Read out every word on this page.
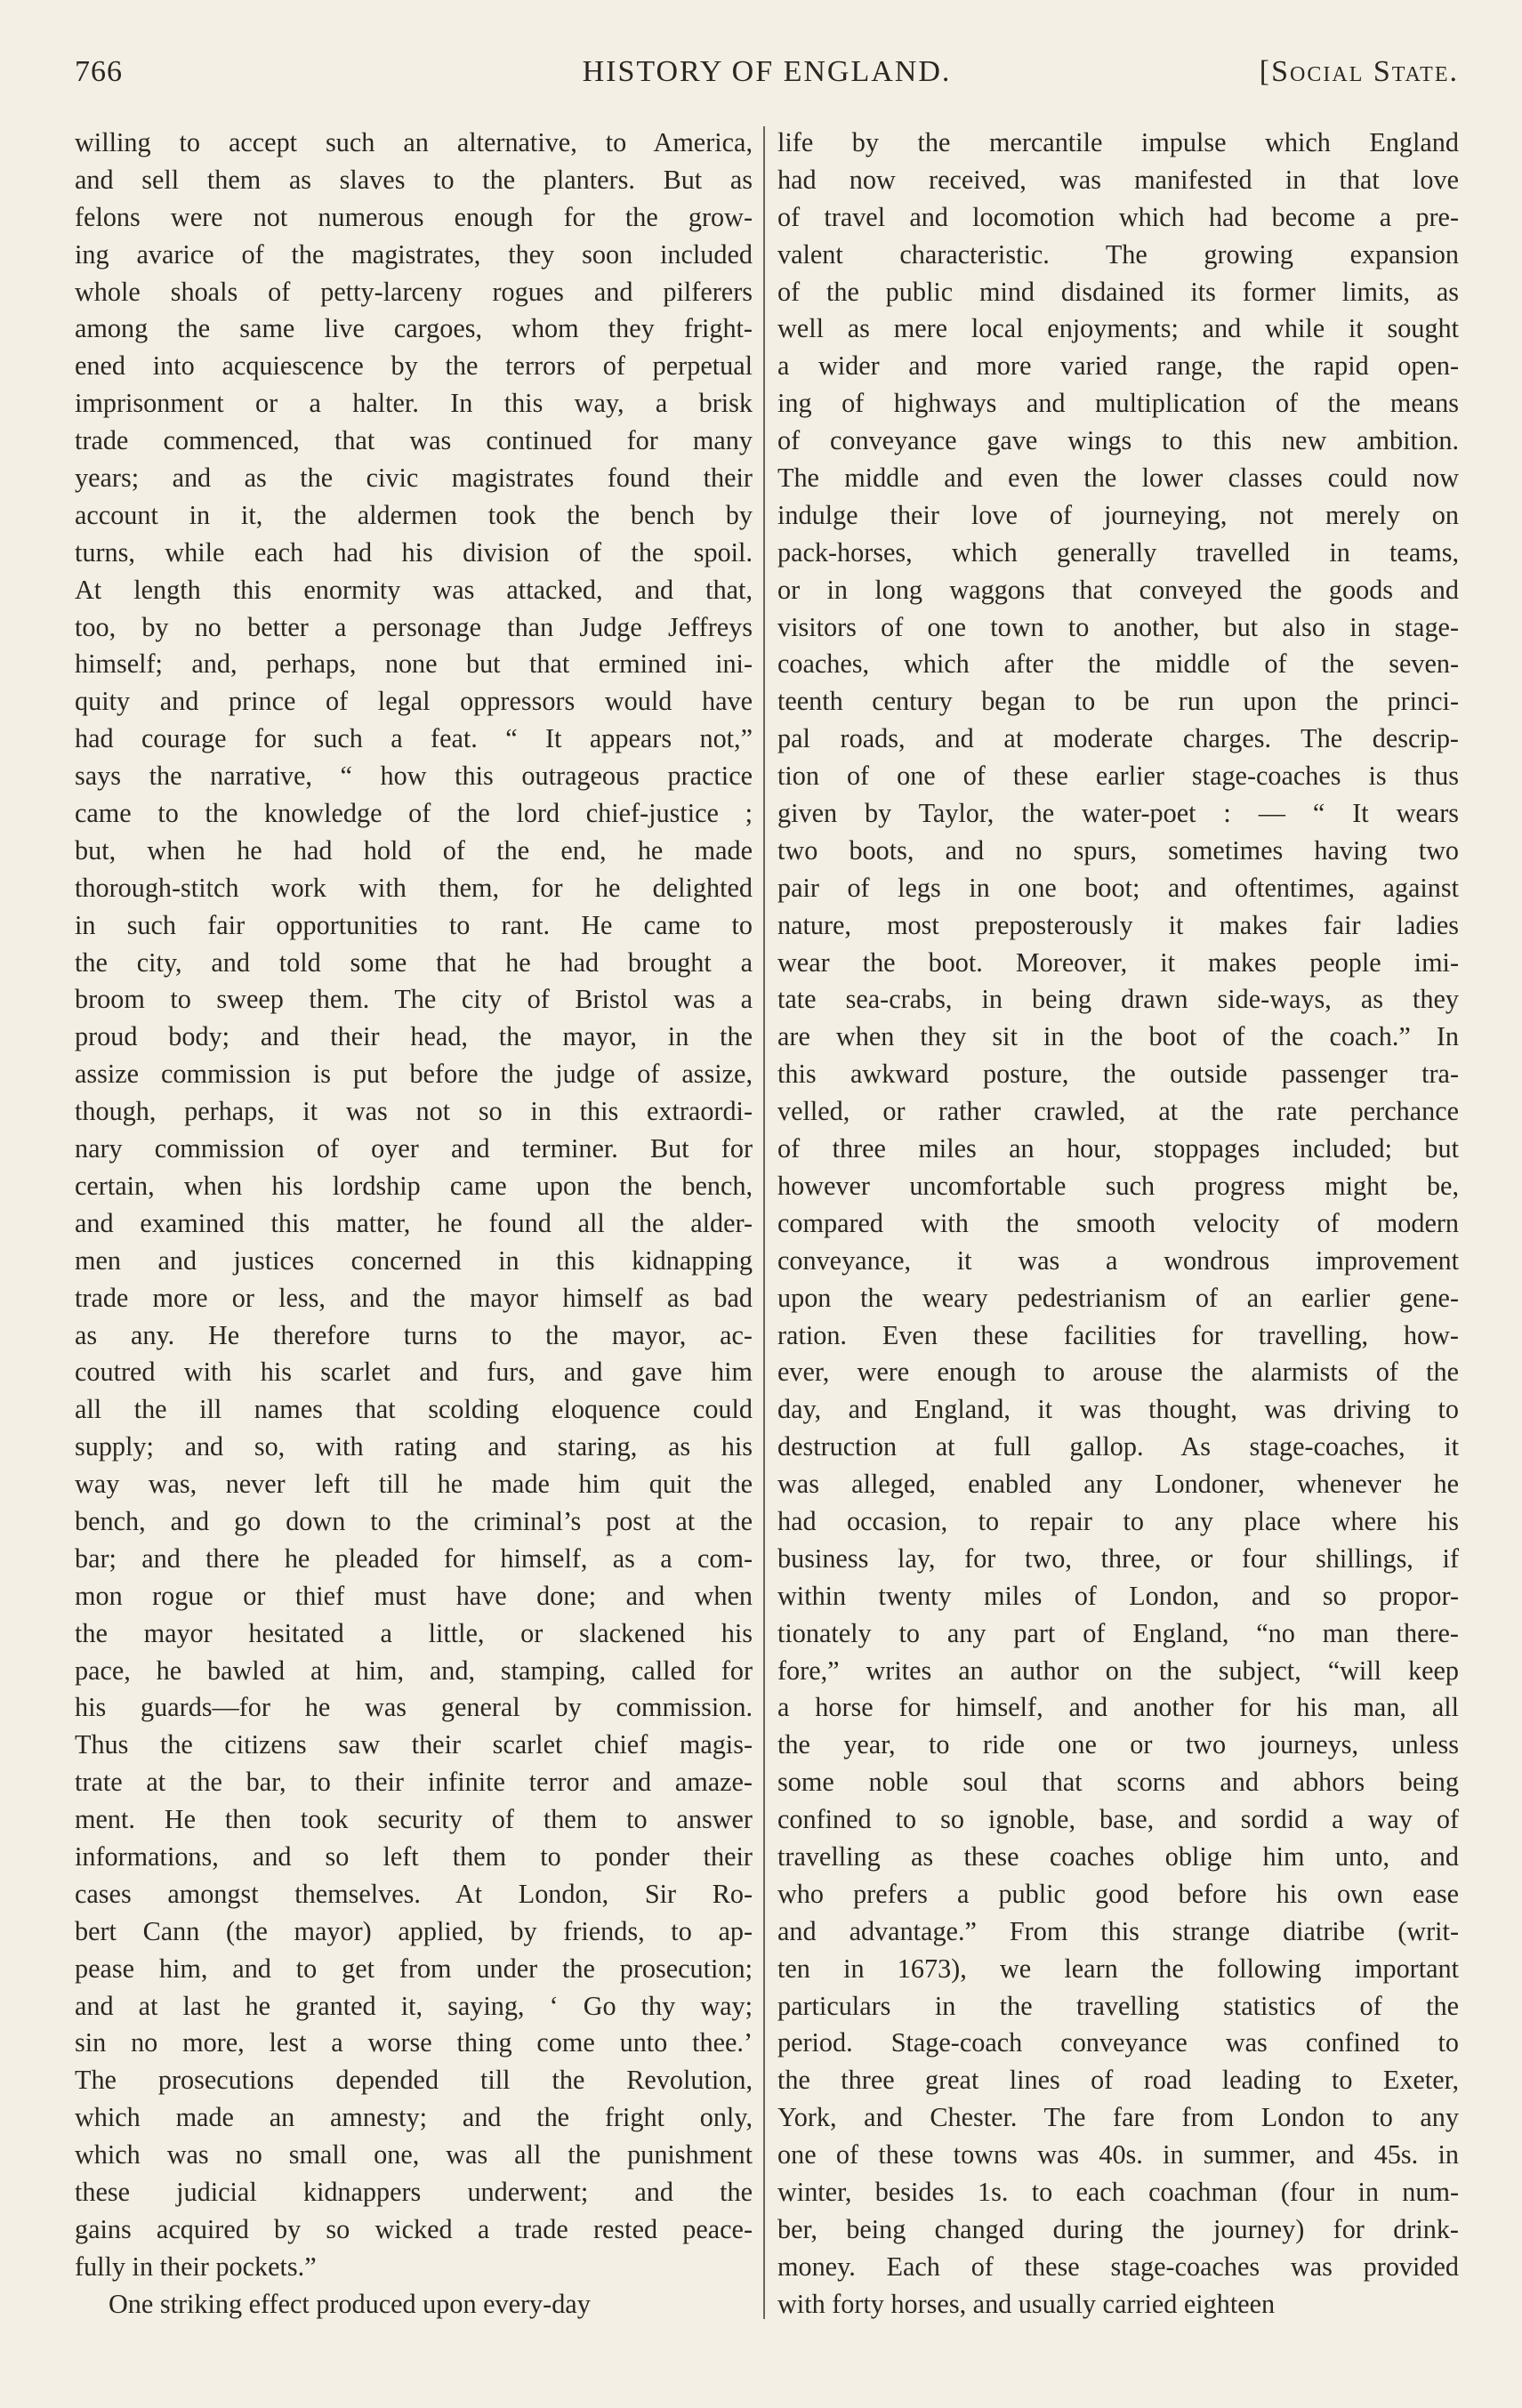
766	HISTORY OF ENGLAND.	[Social State.
willing to accept such an alternative, to America,
and sell them as slaves to the planters. But as
felons were not numerous enough for the grow-
ing avarice of the magistrates, they soon included
whole shoals of petty-larceny rogues and pilferers
among the same live cargoes, whom they fright-
ened into acquiescence by the terrors of perpetual
imprisonment or a halter. In this way, a brisk
trade commenced, that was continued for many
years; and as the civic magistrates found their
account in it, the aldermen took the bench by
turns, while each had his division of the spoil.
At length this enormity was attacked, and that,
too, by no better a personage than Judge Jeffreys
himself; and, perhaps, none but that ermined ini-
quity and prince of legal oppressors would have
had courage for such a feat. “ It appears not,”
says the narrative, “ how this outrageous practice
came to the knowledge of the lord chief-justice ;
but, when he had hold of the end, he made
thorough-stitch work with them, for he delighted
in such fair opportunities to rant. He came to
the city, and told some that he had brought a
broom to sweep them. The city of Bristol was a
proud body; and their head, the mayor, in the
assize commission is put before the judge of assize,
though, perhaps, it was not so in this extraordi-
nary commission of oyer and terminer. But for
certain, when his lordship came upon the bench,
and examined this matter, he found all the alder-
men and justices concerned in this kidnapping
trade more or less, and the mayor himself as bad
as any. He therefore turns to the mayor, ac-
coutred with his scarlet and furs, and gave him
all the ill names that scolding eloquence could
supply; and so, with rating and staring, as his
way was, never left till he made him quit the
bench, and go down to the criminal’s post at the
bar; and there he pleaded for himself, as a com-
mon rogue or thief must have done; and when
the mayor hesitated a little, or slackened his
pace, he bawled at him, and, stamping, called for
his guards—for he was general by commission.
Thus the citizens saw their scarlet chief magis-
trate at the bar, to their infinite terror and amaze-
ment. He then took security of them to answer
informations, and so left them to ponder their
cases amongst themselves. At London, Sir Ro-
bert Cann (the mayor) applied, by friends, to ap-
pease him, and to get from under the prosecution;
and at last he granted it, saying, ‘ Go thy way;
sin no more, lest a worse thing come unto thee.’
The prosecutions depended till the Revolution,
which made an amnesty; and the fright only,
which was no small one, was all the punishment
these judicial kidnappers underwent; and the
gains acquired by so wicked a trade rested peace-
fully in their pockets.”
One striking effect produced upon every-day
life by the mercantile impulse which England
had now received, was manifested in that love
of travel and locomotion which had become a pre-
valent characteristic. The growing expansion
of the public mind disdained its former limits, as
well as mere local enjoyments; and while it sought
a wider and more varied range, the rapid open-
ing of highways and multiplication of the means
of conveyance gave wings to this new ambition.
The middle and even the lower classes could now
indulge their love of journeying, not merely on
pack-horses, which generally travelled in teams,
or in long waggons that conveyed the goods and
visitors of one town to another, but also in stage-
coaches, which after the middle of the seven-
teenth century began to be run upon the princi-
pal roads, and at moderate charges. The descrip-
tion of one of these earlier stage-coaches is thus
given by Taylor, the water-poet : — “ It wears
two boots, and no spurs, sometimes having two
pair of legs in one boot; and oftentimes, against
nature, most preposterously it makes fair ladies
wear the boot. Moreover, it makes people imi-
tate sea-crabs, in being drawn side-ways, as they
are when they sit in the boot of the coach.” In
this awkward posture, the outside passenger tra-
velled, or rather crawled, at the rate perchance
of three miles an hour, stoppages included; but
however uncomfortable such progress might be,
compared with the smooth velocity of modern
conveyance, it was a wondrous improvement
upon the weary pedestrianism of an earlier gene-
ration. Even these facilities for travelling, how-
ever, were enough to arouse the alarmists of the
day, and England, it was thought, was driving to
destruction at full gallop. As stage-coaches, it
was alleged, enabled any Londoner, whenever he
had occasion, to repair to any place where his
business lay, for two, three, or four shillings, if
within twenty miles of London, and so propor-
tionately to any part of England, “no man there-
fore,” writes an author on the subject, “will keep
a horse for himself, and another for his man, all
the year, to ride one or two journeys, unless
some noble soul that scorns and abhors being
confined to so ignoble, base, and sordid a way of
travelling as these coaches oblige him unto, and
who prefers a public good before his own ease
and advantage.” From this strange diatribe (writ-
ten in 1673), we learn the following important
particulars in the travelling statistics of the
period. Stage-coach conveyance was confined to
the three great lines of road leading to Exeter,
York, and Chester. The fare from London to any
one of these towns was 40s. in summer, and 45s. in
winter, besides 1s. to each coachman (four in num-
ber, being changed during the journey) for drink-
money. Each of these stage-coaches was provided
with forty horses, and usually carried eighteen
